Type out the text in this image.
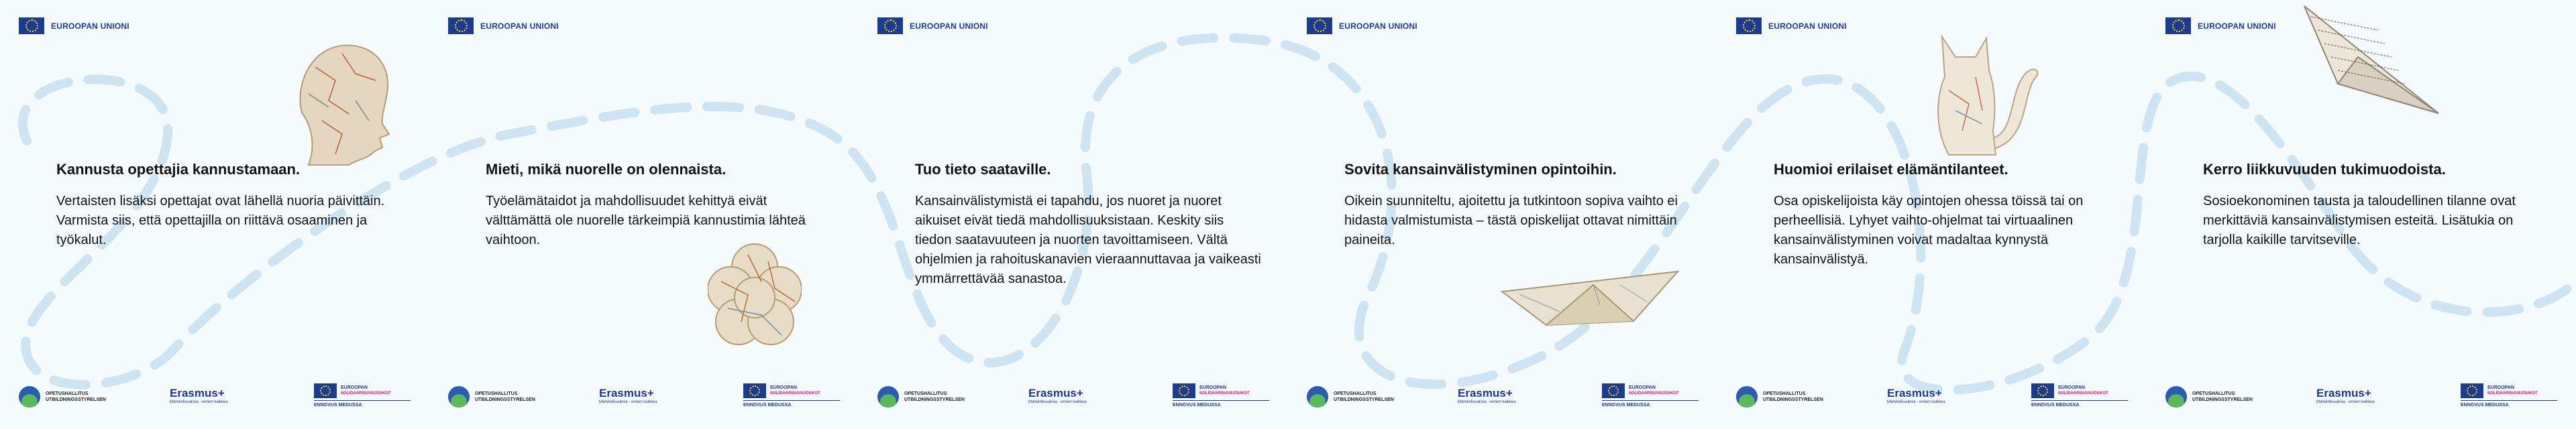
EUROOPAN UNIONI

Kannusta opettajia kannustamaan.

Vertaisten lisäksi opettajat ovat lähellä nuoria päivittäin. Varmista siis, että opettajilla on riittävä osaaminen ja työkalut.

OPETUSHALLITUS
UTBILDNINGSSTYRELSEN
Erasmus+
Mahdollisuuksia · ennen kaikkea
EUROOPAN
SOLIDAARISUUSJOUKOT
ENNOVUS MEDUSSA
EUROOPAN UNIONI

Mieti, mikä nuorelle on olennaista.

Työelämätaidot ja mahdollisuudet kehittyä eivät välttämättä ole nuorelle tärkeimpiä kannustimia lähteä vaihtoon.

OPETUSHALLITUS
UTBILDNINGSSTYRELSEN
Erasmus+
Mahdollisuuksia · ennen kaikkea
EUROOPAN
SOLIDAARISUUSJOUKOT
ENNOVUS MEDUSSA
EUROOPAN UNIONI

Tuo tieto saataville.

Kansainvälistymistä ei tapahdu, jos nuoret ja nuoret aikuiset eivät tiedä mahdollisuuksistaan. Keskity siis tiedon saatavuuteen ja nuorten tavoittamiseen. Vältä ohjelmien ja rahoituskanavien vieraannuttavaa ja vaikeasti ymmärrettävää sanastoa.

OPETUSHALLITUS
UTBILDNINGSSTYRELSEN
Erasmus+
Mahdollisuuksia · ennen kaikkea
EUROOPAN
SOLIDAARISUUSJOUKOT
ENNOVUS MEDUSSA
EUROOPAN UNIONI

Sovita kansainvälistyminen opintoihin.

Oikein suunniteltu, ajoitettu ja tutkintoon sopiva vaihto ei hidasta valmistumista – tästä opiskelijat ottavat nimittäin paineita.

OPETUSHALLITUS
UTBILDNINGSSTYRELSEN
Erasmus+
Mahdollisuuksia · ennen kaikkea
EUROOPAN
SOLIDAARISUUSJOUKOT
ENNOVUS MEDUSSA
EUROOPAN UNIONI

Huomioi erilaiset elämäntilanteet.

Osa opiskelijoista käy opintojen ohessa töissä tai on perheellisiä. Lyhyet vaihto-ohjelmat tai virtuaalinen kansainvälistyminen voivat madaltaa kynnystä kansainvälistyä.

OPETUSHALLITUS
UTBILDNINGSSTYRELSEN
Erasmus+
Mahdollisuuksia · ennen kaikkea
EUROOPAN
SOLIDAARISUUSJOUKOT
ENNOVUS MEDUSSA
EUROOPAN UNIONI

Kerro liikkuvuuden tukimuodoista.

Sosioekonominen tausta ja taloudellinen tilanne ovat merkittäviä kansainvälistymisen esteitä. Lisätukia on tarjolla kaikille tarvitseville.

OPETUSHALLITUS
UTBILDNINGSSTYRELSEN
Erasmus+
Mahdollisuuksia · ennen kaikkea
EUROOPAN
SOLIDAARISUUSJOUKOT
ENNOVUS MEDUSSA
